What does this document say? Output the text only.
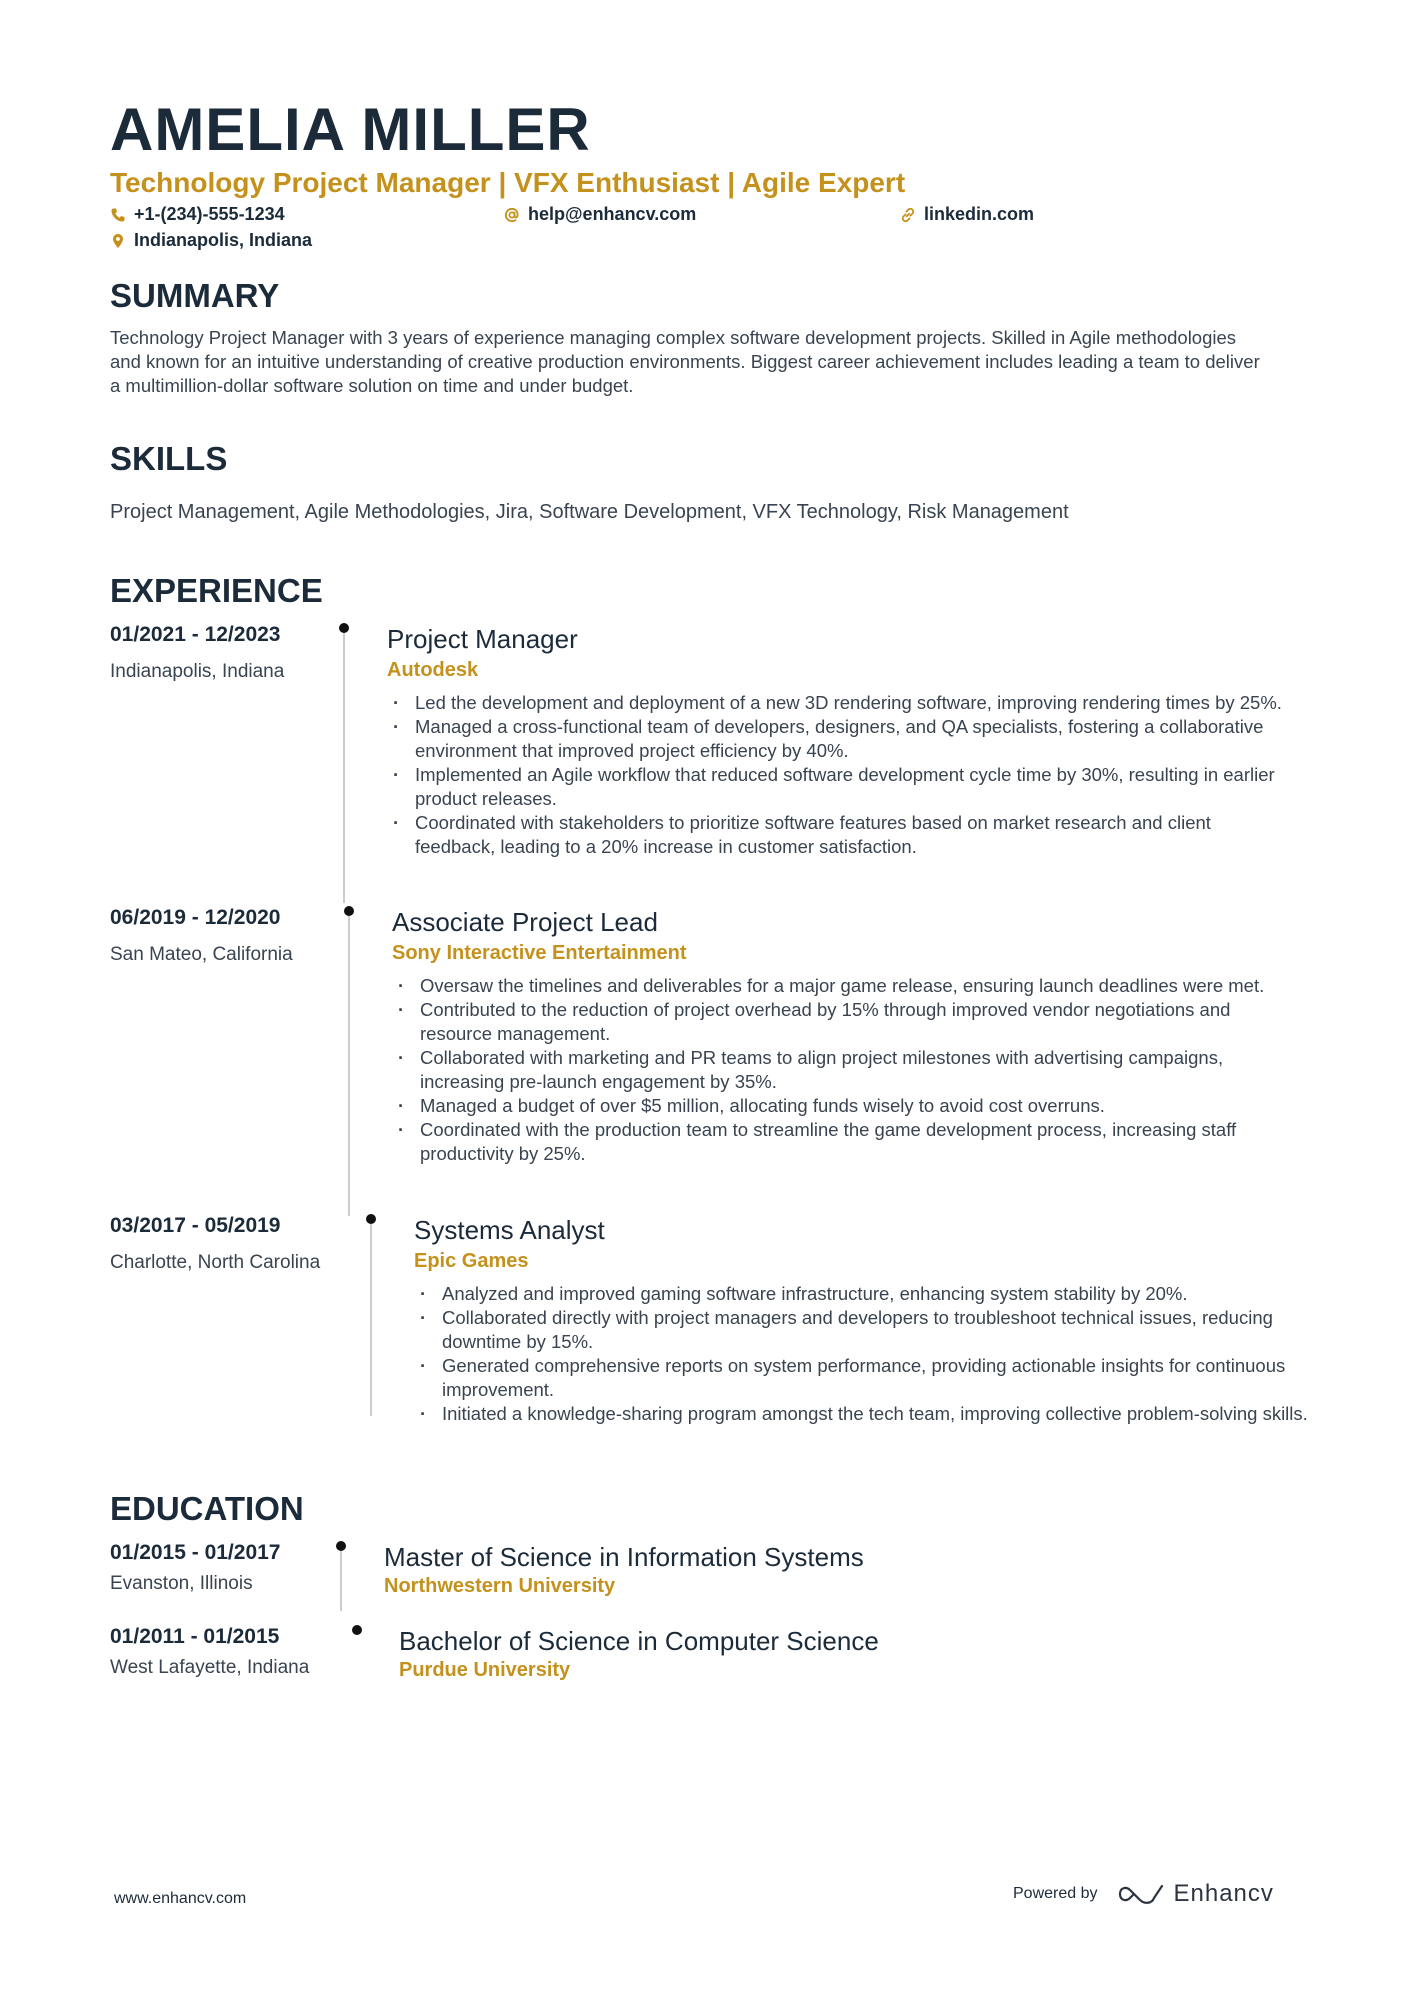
AMELIA MILLER
Technology Project Manager | VFX Enthusiast | Agile Expert
+1-(234)-555-1234	help@enhancv.com	linkedin.com
Indianapolis, Indiana
SUMMARY

Technology Project Manager with 3 years of experience managing complex software development projects. Skilled in Agile methodologies and known for an intuitive understanding of creative production environments. Biggest career achievement includes leading a team to deliver a multimillion-dollar software solution on time and under budget.

SKILLS

Project Management, Agile Methodologies, Jira, Software Development, VFX Technology, Risk Management

EXPERIENCE
01/2021 - 12/2023
Indianapolis, Indiana
Project Manager
Autodesk
· Led the development and deployment of a new 3D rendering software, improving rendering times by 25%.
· Managed a cross-functional team of developers, designers, and QA specialists, fostering a collaborative environment that improved project efficiency by 40%.
· Implemented an Agile workflow that reduced software development cycle time by 30%, resulting in earlier product releases.
· Coordinated with stakeholders to prioritize software features based on market research and client feedback, leading to a 20% increase in customer satisfaction.
06/2019 - 12/2020
San Mateo, California
Associate Project Lead
Sony Interactive Entertainment
· Oversaw the timelines and deliverables for a major game release, ensuring launch deadlines were met.
· Contributed to the reduction of project overhead by 15% through improved vendor negotiations and resource management.
· Collaborated with marketing and PR teams to align project milestones with advertising campaigns, increasing pre-launch engagement by 35%.
· Managed a budget of over $5 million, allocating funds wisely to avoid cost overruns.
· Coordinated with the production team to streamline the game development process, increasing staff productivity by 25%.
03/2017 - 05/2019
Charlotte, North Carolina
Systems Analyst
Epic Games
· Analyzed and improved gaming software infrastructure, enhancing system stability by 20%.
· Collaborated directly with project managers and developers to troubleshoot technical issues, reducing downtime by 15%.
· Generated comprehensive reports on system performance, providing actionable insights for continuous improvement.
· Initiated a knowledge-sharing program amongst the tech team, improving collective problem-solving skills.
EDUCATION
01/2015 - 01/2017
Evanston, Illinois
Master of Science in Information Systems
Northwestern University
01/2011 - 01/2015
West Lafayette, Indiana
Bachelor of Science in Computer Science
Purdue University
www.enhancv.com	Powered by	Enhancv
